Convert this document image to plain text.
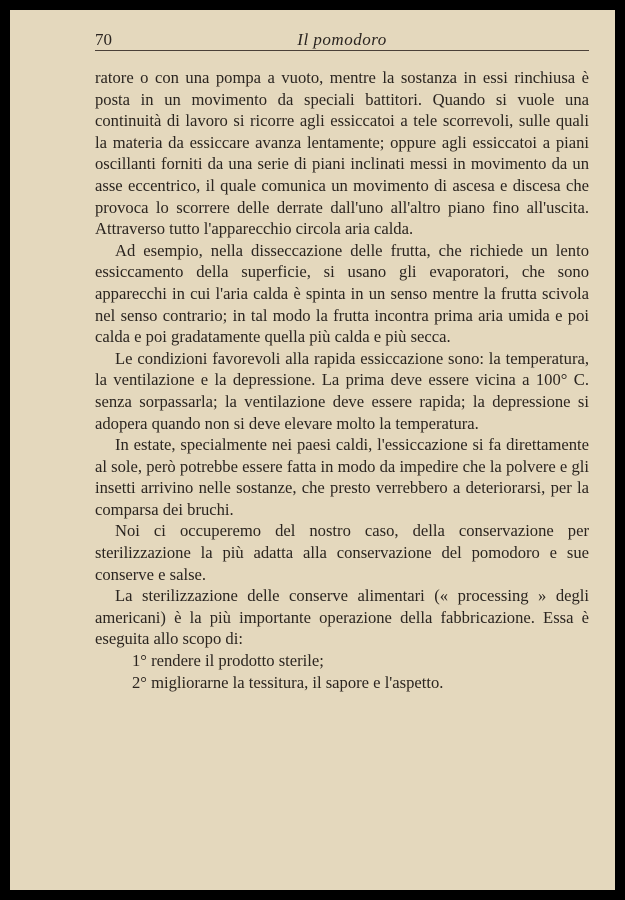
70	Il pomodoro

ratore o con una pompa a vuoto, mentre la sostanza in essi rinchiusa è posta in un movimento da speciali battitori. Quando si vuole una continuità di lavoro si ricorre agli essiccatoi a tele scorrevoli, sulle quali la materia da essiccare avanza lentamente; oppure agli essiccatoi a piani oscillanti forniti da una serie di piani inclinati messi in movimento da un asse eccentrico, il quale comunica un movimento di ascesa e discesa che provoca lo scorrere delle derrate dall'uno all'altro piano fino all'uscita. Attraverso tutto l'apparecchio circola aria calda.

Ad esempio, nella disseccazione delle frutta, che richiede un lento essiccamento della superficie, si usano gli evaporatori, che sono apparecchi in cui l'aria calda è spinta in un senso mentre la frutta scivola nel senso contrario; in tal modo la frutta incontra prima aria umida e poi calda e poi gradatamente quella più calda e più secca.

Le condizioni favorevoli alla rapida essiccazione sono: la temperatura, la ventilazione e la depressione. La prima deve essere vicina a 100° C. senza sorpassarla; la ventilazione deve essere rapida; la depressione si adopera quando non si deve elevare molto la temperatura.

In estate, specialmente nei paesi caldi, l'essiccazione si fa direttamente al sole, però potrebbe essere fatta in modo da impedire che la polvere e gli insetti arrivino nelle sostanze, che presto verrebbero a deteriorarsi, per la comparsa dei bruchi.

Noi ci occuperemo del nostro caso, della conservazione per sterilizzazione la più adatta alla conservazione del pomodoro e sue conserve e salse.

La sterilizzazione delle conserve alimentari (« processing » degli americani) è la più importante operazione della fabbricazione. Essa è eseguita allo scopo di:

1° rendere il prodotto sterile;

2° migliorarne la tessitura, il sapore e l'aspetto.
